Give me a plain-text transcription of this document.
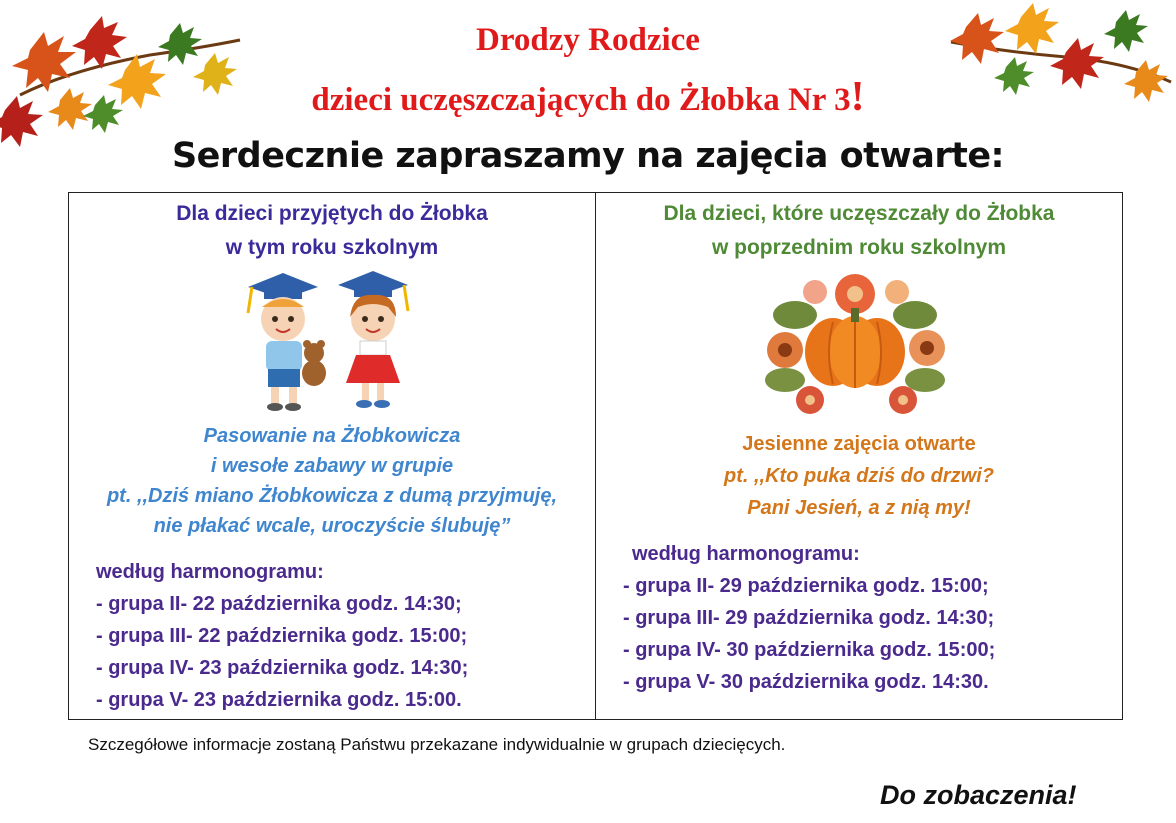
Drodzy Rodzice
dzieci uczęszczających do Żłobka Nr 3!
Serdecznie zapraszamy na zajęcia otwarte:
Dla dzieci przyjętych do Żłobka
w tym roku szkolnym
Pasowanie na Żłobkowicza
i wesołe zabawy w grupie
pt. ,,Dziś miano Żłobkowicza z dumą przyjmuję,
nie płakać wcale, uroczyście ślubuję”
według harmonogramu:
- grupa II- 22 października godz. 14:30;
- grupa III- 22 października godz. 15:00;
- grupa IV- 23 października godz. 14:30;
- grupa V- 23 października godz. 15:00.
Dla dzieci, które uczęszczały do Żłobka
w poprzednim roku szkolnym
Jesienne zajęcia otwarte
pt. ,,Kto puka dziś do drzwi?
Pani Jesień, a z nią my!
według harmonogramu:
- grupa II- 29 października godz. 15:00;
- grupa III- 29 października godz. 14:30;
- grupa IV- 30 października godz. 15:00;
- grupa V- 30 października godz. 14:30.
Szczegółowe informacje zostaną Państwu przekazane indywidualnie w grupach dziecięcych.
Do zobaczenia!
